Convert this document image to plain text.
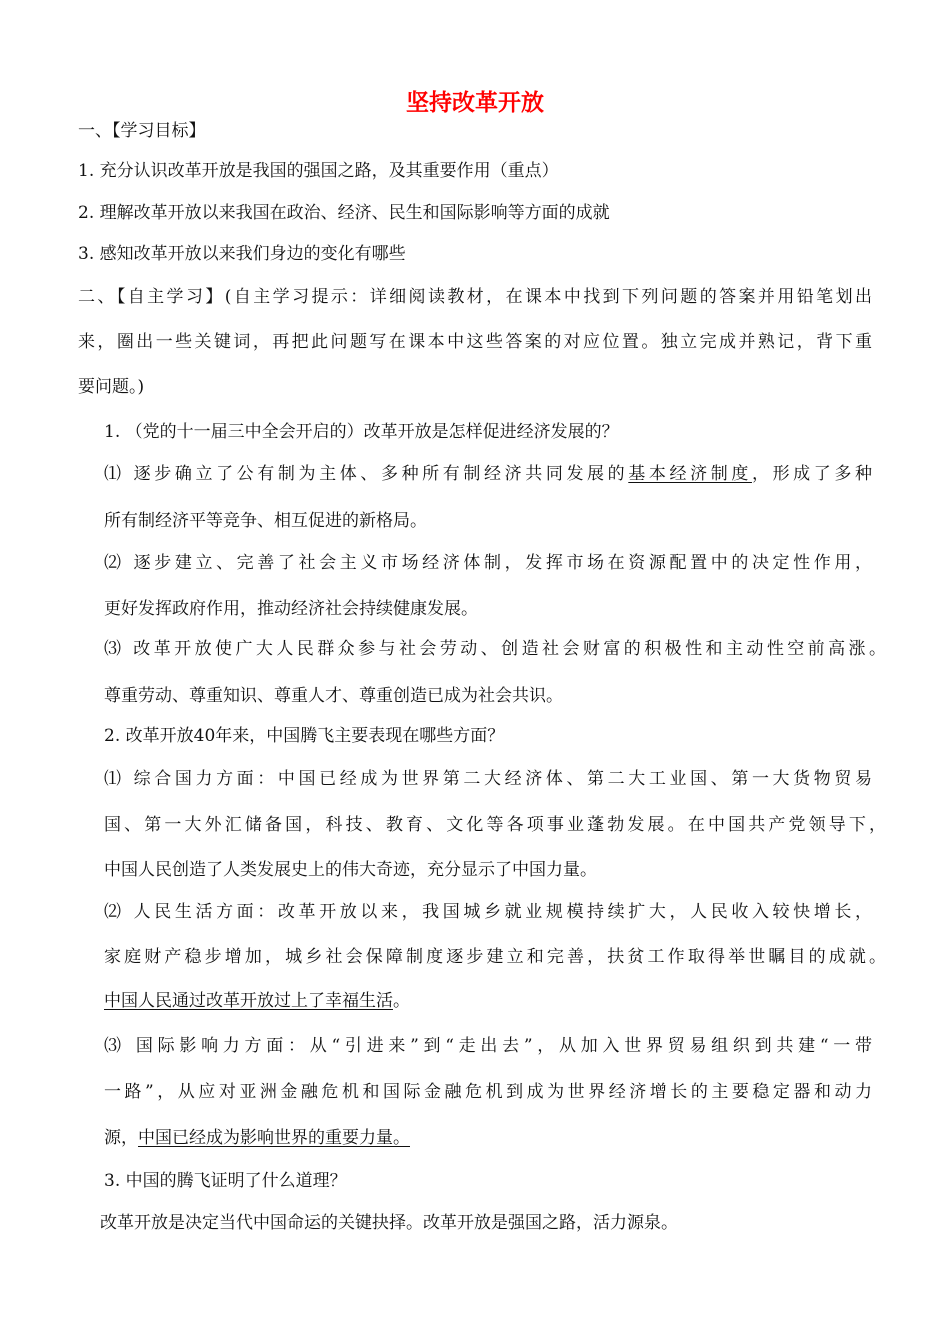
坚持改革开放
一、【学习目标】
1. 充分认识改革开放是我国的强国之路，及其重要作用（重点）
2. 理解改革开放以来我国在政治、经济、民生和国际影响等方面的成就
3. 感知改革开放以来我们身边的变化有哪些
二、【自主学习】(自主学习提示：详细阅读教材，在课本中找到下列问题的答案并用铅笔划出
来，圈出一些关键词，再把此问题写在课本中这些答案的对应位置。独立完成并熟记，背下重
要问题。)
1. （党的十一届三中全会开启的）改革开放是怎样促进经济发展的？
⑴ 逐步确立了公有制为主体、多种所有制经济共同发展的基本经济制度，形成了多种
所有制经济平等竞争、相互促进的新格局。
⑵ 逐步建立、完善了社会主义市场经济体制，发挥市场在资源配置中的决定性作用，
更好发挥政府作用，推动经济社会持续健康发展。
⑶ 改革开放使广大人民群众参与社会劳动、创造社会财富的积极性和主动性空前高涨。
尊重劳动、尊重知识、尊重人才、尊重创造已成为社会共识。
2. 改革开放40年来，中国腾飞主要表现在哪些方面？
⑴ 综合国力方面：中国已经成为世界第二大经济体、第二大工业国、第一大货物贸易
国、第一大外汇储备国，科技、教育、文化等各项事业蓬勃发展。在中国共产党领导下，
中国人民创造了人类发展史上的伟大奇迹，充分显示了中国力量。
⑵ 人民生活方面：改革开放以来，我国城乡就业规模持续扩大，人民收入较快增长，
家庭财产稳步增加，城乡社会保障制度逐步建立和完善，扶贫工作取得举世瞩目的成就。
中国人民通过改革开放过上了幸福生活。
⑶ 国际影响力方面：从“引进来”到“走出去”，从加入世界贸易组织到共建“一带
一路”，从应对亚洲金融危机和国际金融危机到成为世界经济增长的主要稳定器和动力
源，中国已经成为影响世界的重要力量。
3. 中国的腾飞证明了什么道理？
改革开放是决定当代中国命运的关键抉择。改革开放是强国之路，活力源泉。
